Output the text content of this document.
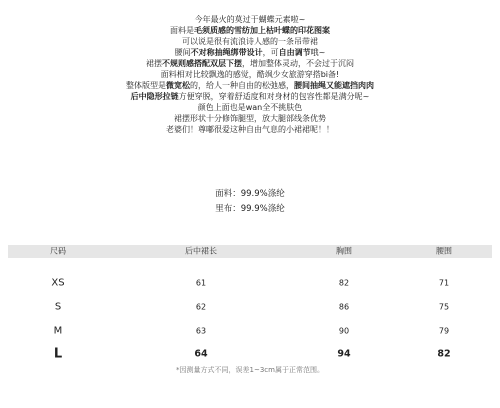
今年最火的莫过于蝴蝶元素啦~
面料是毛须质感的雪纺加上枯叶蝶的印花图案
可以说是很有流浪诗人感的一条吊带裙
腰间不对称抽绳绑带设计，可自由调节哦~
裙摆不规则感搭配双层下摆，增加整体灵动，不会过于沉闷
面料相对比较飘逸的感觉，酷飒少女旅游穿搭bi备!
整体版型是微宽松的，给人一种自由的松弛感，腰间抽绳又能遮挡肉肉
后中隐形拉链方便穿脱，穿着舒适度和对身材的包容性都是满分呢~
颜色上面也是wan全不挑肤色
裙摆形状十分修饰腿型，放大腿部线条优势
老婆们！尊嘟很爱这种自由气息的小裙裙呢！！
面料：99.9%涤纶
里布：99.9%涤纶
尺码	后中裙长	胸围	腰围
XS	61	82	71
S	62	86	75
M	63	90	79
L	64	94	82
*因测量方式不同，误差1~3cm属于正常范围。
